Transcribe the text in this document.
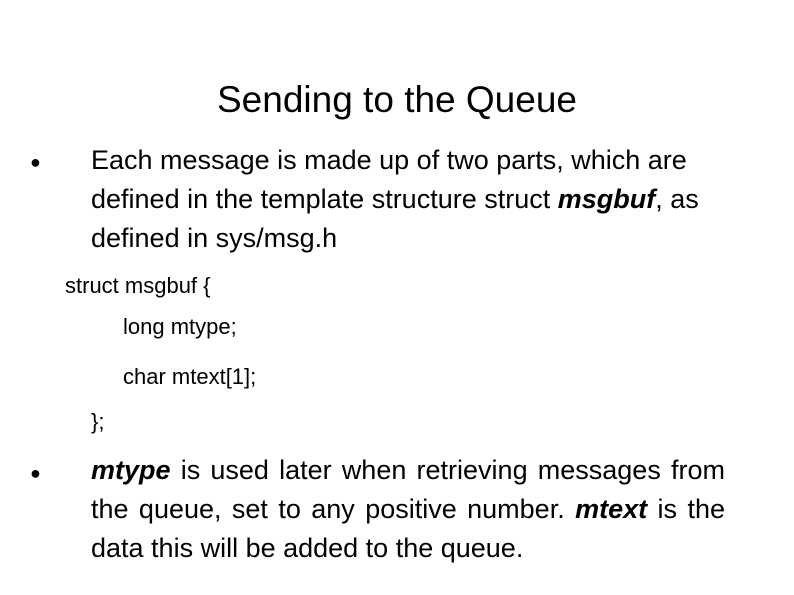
Sending to the Queue
● Each message is made up of two parts, which are defined in the template structure struct msgbuf, as defined in sys/msg.h
struct msgbuf {
long mtype;
char mtext[1];
};
● mtype is used later when retrieving messages from the queue, set to any positive number. mtext is the data this will be added to the queue.
